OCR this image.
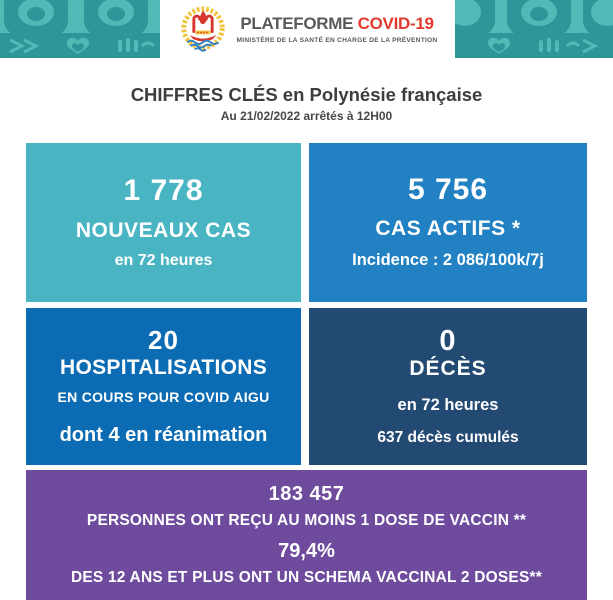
PLATEFORME COVID-19
MINISTÈRE DE LA SANTÉ EN CHARGE DE LA PRÉVENTION
CHIFFRES CLÉS en Polynésie française
Au 21/02/2022 arrêtés à 12H00
1 778
NOUVEAUX CAS
en 72 heures
5 756
CAS ACTIFS *
Incidence : 2 086/100k/7j
20
HOSPITALISATIONS
EN COURS POUR COVID AIGU
dont 4 en réanimation
0
DÉCÈS
en 72 heures
637 décès cumulés
183 457
PERSONNES ONT REÇU AU MOINS 1 DOSE DE VACCIN **
79,4%
DES 12 ANS ET PLUS ONT UN SCHEMA VACCINAL 2 DOSES**
